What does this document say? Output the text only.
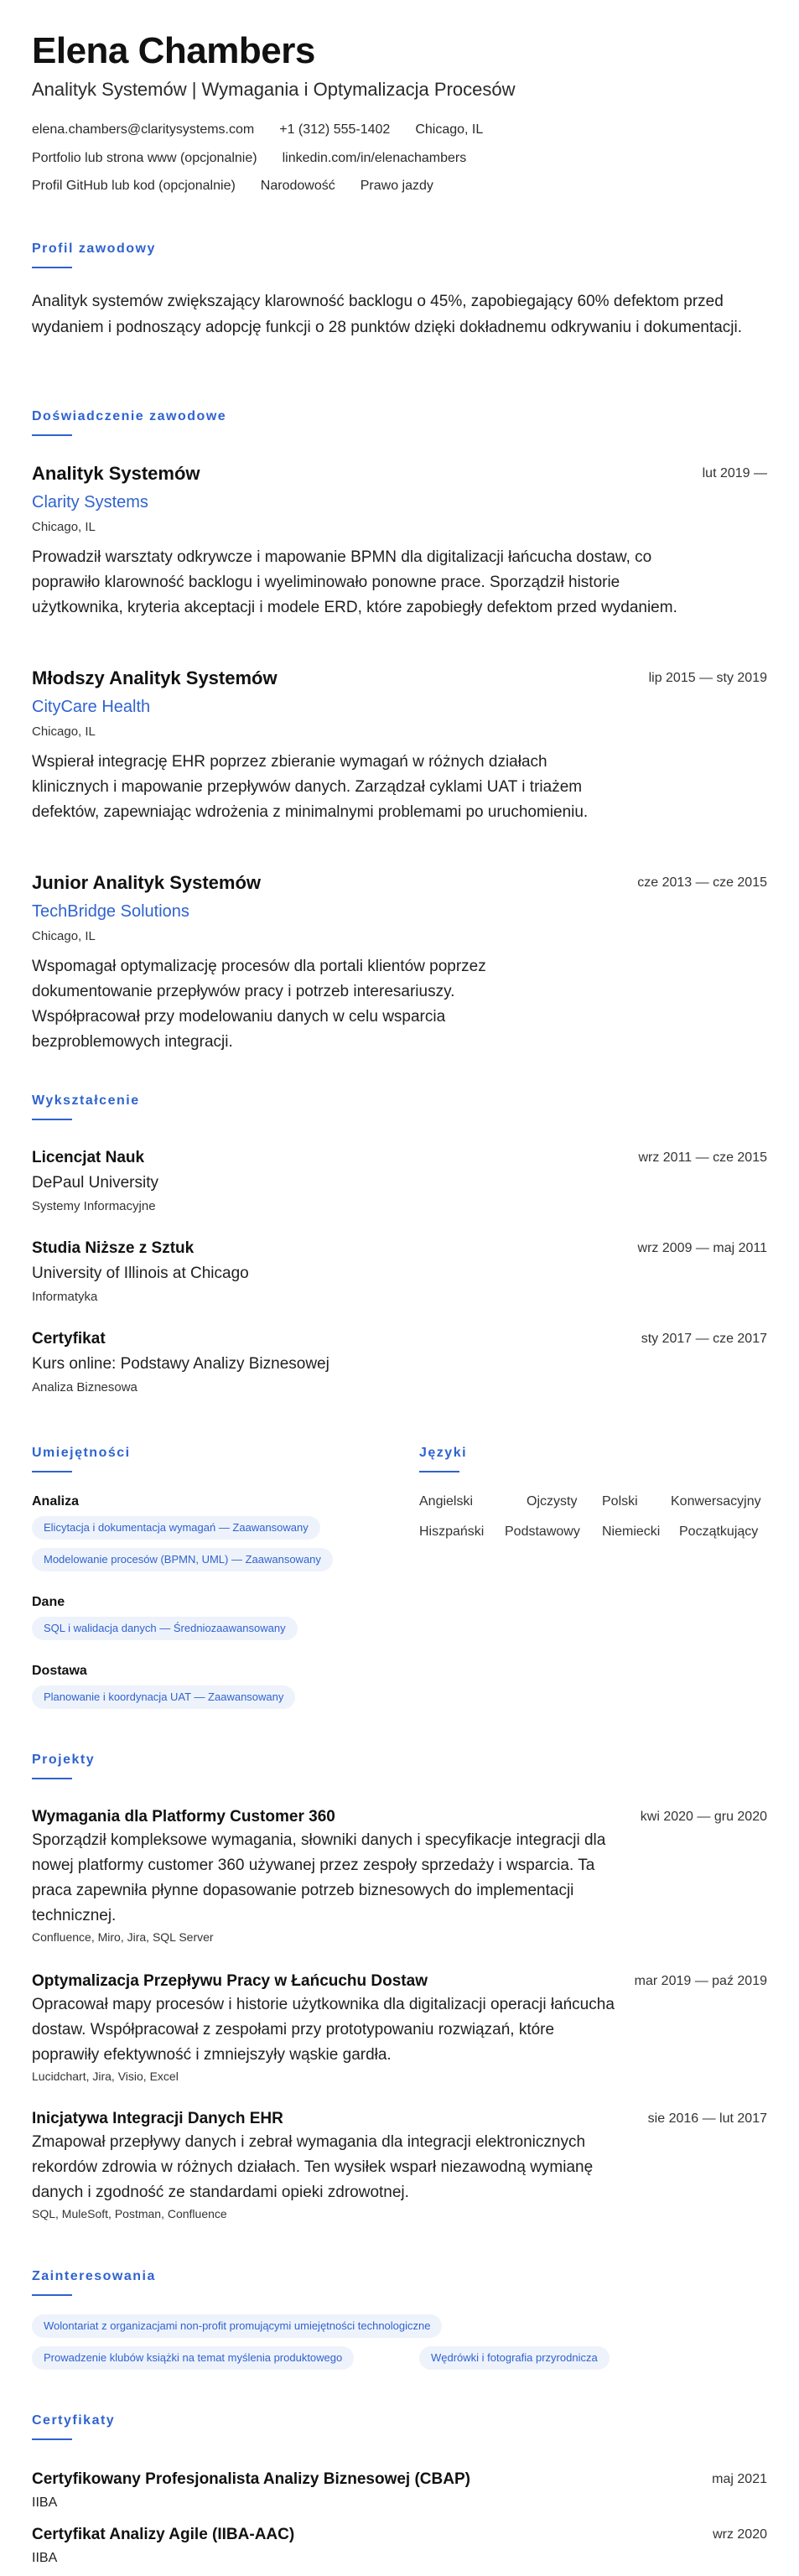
Elena Chambers
Analityk Systemów | Wymagania i Optymalizacja Procesów
elena.chambers@claritysystems.com +1 (312) 555-1402 Chicago, IL
Portfolio lub strona www (opcjonalnie) linkedin.com/in/elenachambers
Profil GitHub lub kod (opcjonalnie) Narodowość Prawo jazdy
Profil zawodowy
Analityk systemów zwiększający klarowność backlogu o 45%, zapobiegający 60% defektom przed wydaniem i podnoszący adopcję funkcji o 28 punktów dzięki dokładnemu odkrywaniu i dokumentacji.
Doświadczenie zawodowe
Analityk Systemów	lut 2019 —
Clarity Systems
Chicago, IL
Prowadził warsztaty odkrywcze i mapowanie BPMN dla digitalizacji łańcucha dostaw, co poprawiło klarowność backlogu i wyeliminowało ponowne prace. Sporządził historie użytkownika, kryteria akceptacji i modele ERD, które zapobiegły defektom przed wydaniem.
Młodszy Analityk Systemów	lip 2015 — sty 2019
CityCare Health
Chicago, IL
Wspierał integrację EHR poprzez zbieranie wymagań w różnych działach klinicznych i mapowanie przepływów danych. Zarządzał cyklami UAT i triażem defektów, zapewniając wdrożenia z minimalnymi problemami po uruchomieniu.
Junior Analityk Systemów	cze 2013 — cze 2015
TechBridge Solutions
Chicago, IL
Wspomagał optymalizację procesów dla portali klientów poprzez dokumentowanie przepływów pracy i potrzeb interesariuszy. Współpracował przy modelowaniu danych w celu wsparcia bezproblemowych integracji.
Wykształcenie
Licencjat Nauk	wrz 2011 — cze 2015
DePaul University
Systemy Informacyjne
Studia Niższe z Sztuk	wrz 2009 — maj 2011
University of Illinois at Chicago
Informatyka
Certyfikat	sty 2017 — cze 2017
Kurs online: Podstawy Analizy Biznesowej
Analiza Biznesowa
Umiejętności
Analiza
Elicytacja i dokumentacja wymagań — Zaawansowany
Modelowanie procesów (BPMN, UML) — Zaawansowany
Dane
SQL i walidacja danych — Średniozaawansowany
Dostawa
Planowanie i koordynacja UAT — Zaawansowany
Języki
Angielski	Ojczysty Polski Konwersacyjny
Hiszpański Podstawowy Niemiecki Początkujący
Projekty
Wymagania dla Platformy Customer 360	kwi 2020 — gru 2020
Sporządził kompleksowe wymagania, słowniki danych i specyfikacje integracji dla nowej platformy customer 360 używanej przez zespoły sprzedaży i wsparcia. Ta praca zapewniła płynne dopasowanie potrzeb biznesowych do implementacji technicznej.
Confluence, Miro, Jira, SQL Server
Optymalizacja Przepływu Pracy w Łańcuchu Dostaw	mar 2019 — paź 2019
Opracował mapy procesów i historie użytkownika dla digitalizacji operacji łańcucha dostaw. Współpracował z zespołami przy prototypowaniu rozwiązań, które poprawiły efektywność i zmniejszyły wąskie gardła.
Lucidchart, Jira, Visio, Excel
Inicjatywa Integracji Danych EHR	sie 2016 — lut 2017
Zmapował przepływy danych i zebrał wymagania dla integracji elektronicznych rekordów zdrowia w różnych działach. Ten wysiłek wsparł niezawodną wymianę danych i zgodność ze standardami opieki zdrowotnej.
SQL, MuleSoft, Postman, Confluence
Zainteresowania
Wolontariat z organizacjami non-profit promującymi umiejętności technologiczne
Prowadzenie klubów książki na temat myślenia produktowego	Wędrówki i fotografia przyrodnicza
Certyfikaty
Certyfikowany Profesjonalista Analizy Biznesowej (CBAP)	maj 2021
IIBA
Certyfikat Analizy Agile (IIBA-AAC)	wrz 2020
IIBA
